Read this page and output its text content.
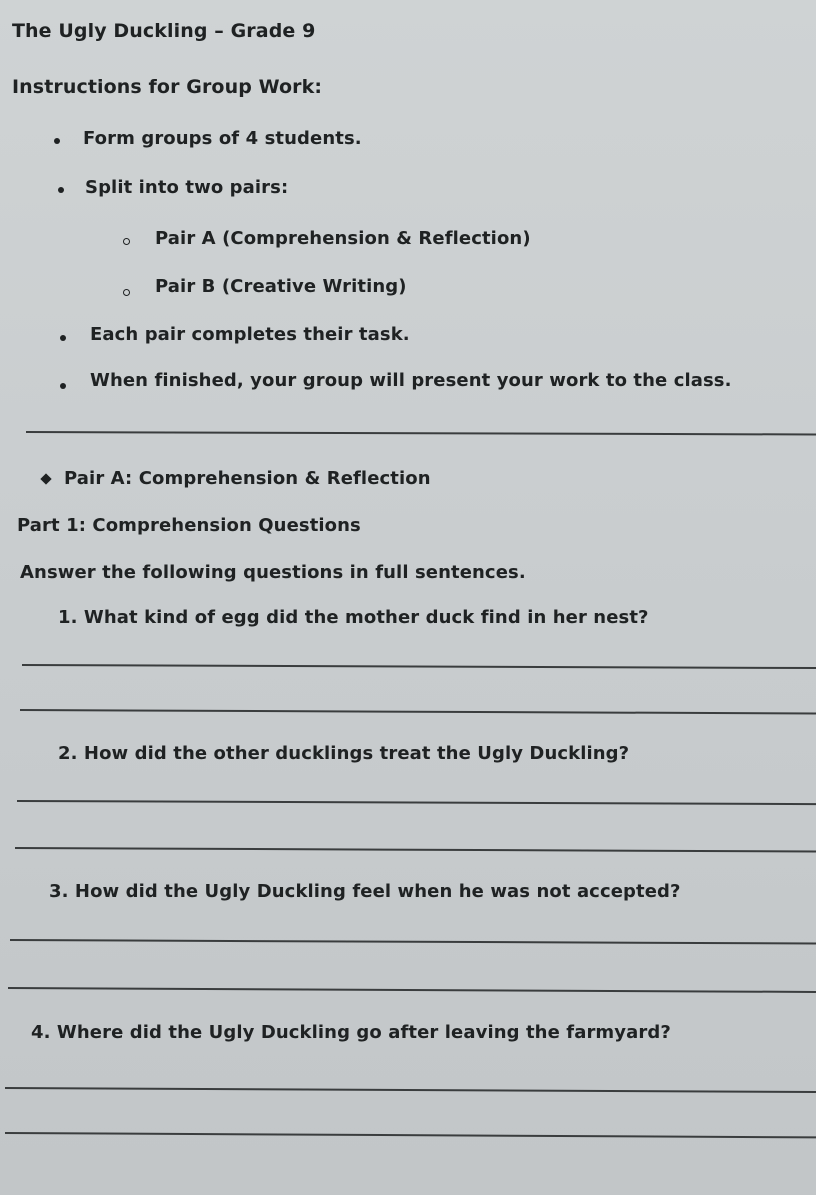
The Ugly Duckling – Grade 9
Instructions for Group Work:
Form groups of 4 students.
Split into two pairs:
Pair A (Comprehension & Reflection)
Pair B (Creative Writing)
Each pair completes their task.
When finished, your group will present your work to the class.
Pair A: Comprehension & Reflection
Part 1: Comprehension Questions
Answer the following questions in full sentences.
1. What kind of egg did the mother duck find in her nest?
2. How did the other ducklings treat the Ugly Duckling?
3. How did the Ugly Duckling feel when he was not accepted?
4. Where did the Ugly Duckling go after leaving the farmyard?
